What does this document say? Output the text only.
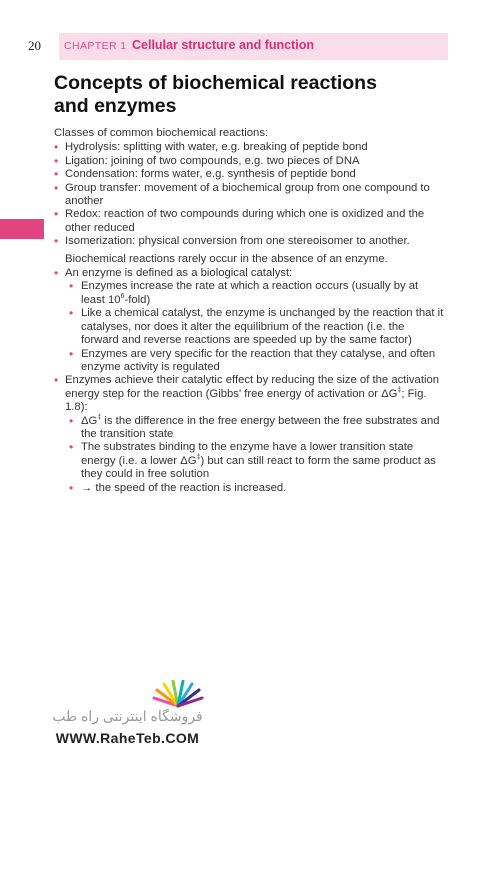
20	CHAPTER 1 Cellular structure and function
Concepts of biochemical reactions
and enzymes

Classes of common biochemical reactions:

• Hydrolysis: splitting with water, e.g. breaking of peptide bond
• Ligation: joining of two compounds, e.g. two pieces of DNA
• Condensation: forms water, e.g. synthesis of peptide bond
• Group transfer: movement of a biochemical group from one compound to another
• Redox: reaction of two compounds during which one is oxidized and the other reduced
• Isomerization: physical conversion from one stereoisomer to another.

Biochemical reactions rarely occur in the absence of an enzyme.

• An enzyme is defined as a biological catalyst:
• Enzymes increase the rate at which a reaction occurs (usually by at least $10^6-fold$)
• Like a chemical catalyst, the enzyme is unchanged by the reaction that it catalyses, nor does it alter the equilibrium of the reaction (i.e. the forward and reverse reactions are speeded up by the same factor)
• Enzymes are very specific for the reaction that they catalyse, and often enzyme activity is regulated
• Enzymes achieve their catalytic effect by reducing the size of the activation energy step for the reaction (Gibbs' free energy of activation or ΔG‡; Fig. 1.8):
• ΔG‡ is the difference in the free energy between the free substrates and the transition state
• The substrates binding to the enzyme have a lower transition state energy (i.e. a lower ΔG‡) but can still react to form the same product as they could in free solution
• → the speed of the reaction is increased.
فروشگاه اینترنتی راه طب
WWW.RaheTeb.COM
